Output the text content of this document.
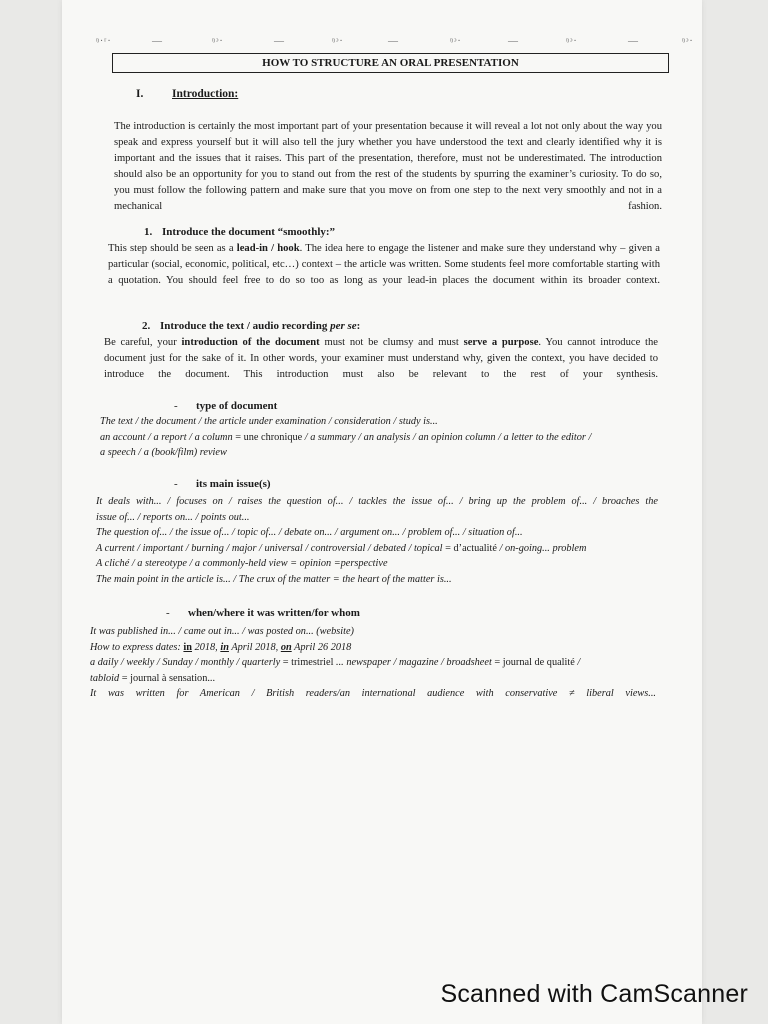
ᵑ·ʳ·	—	ᵑᵓ·	—	ᵑᵓ·	—	ᵑᵓ·	—	ᵑᵓ·	—	ᵑᵓ·
HOW TO STRUCTURE AN ORAL PRESENTATION
I. Introduction:
The introduction is certainly the most important part of your presentation because it will reveal a lot not only about the way you speak and express yourself but it will also tell the jury whether you have understood the text and clearly identified why it is important and the issues that it raises. This part of the presentation, therefore, must not be underestimated. The introduction should also be an opportunity for you to stand out from the rest of the students by spurring the examiner’s curiosity. To do so, you must follow the following pattern and make sure that you move on from one step to the next very smoothly and not in a mechanical fashion.
1. Introduce the document “smoothly:”
This step should be seen as a lead-in / hook. The idea here to engage the listener and make sure they understand why – given a particular (social, economic, political, etc…) context – the article was written. Some students feel more comfortable starting with a quotation. You should feel free to do so too as long as your lead-in places the document within its broader context.
2. Introduce the text / audio recording per se:
Be careful, your introduction of the document must not be clumsy and must serve a purpose. You cannot introduce the document just for the sake of it. In other words, your examiner must understand why, given the context, you have decided to introduce the document. This introduction must also be relevant to the rest of your synthesis.
- type of document
The text / the document / the article under examination / consideration / study is...
an account / a report / a column = une chronique / a summary / an analysis / an opinion column / a letter to the editor /
a speech / a (book/film) review
- its main issue(s)
It deals with... / focuses on / raises the question of... / tackles the issue of... / bring up the problem of... / broaches the
issue of... / reports on... / points out...
The question of... / the issue of... / topic of... / debate on... / argument on... / problem of... / situation of...
A current / important / burning / major / universal / controversial / debated / topical = d’actualité / on-going... problem
A cliché / a stereotype / a commonly-held view = opinion =perspective
The main point in the article is... / The crux of the matter = the heart of the matter is...
- when/where it was written/for whom
It was published in... / came out in... / was posted on... (website)
How to express dates: in 2018, in April 2018, on April 26 2018
a daily / weekly / Sunday / monthly / quarterly = trimestriel ... newspaper / magazine / broadsheet = journal de qualité /
tabloid = journal à sensation...
It was written for American / British readers/an international audience with conservative ≠ liberal views...
Scanned with CamScanner
